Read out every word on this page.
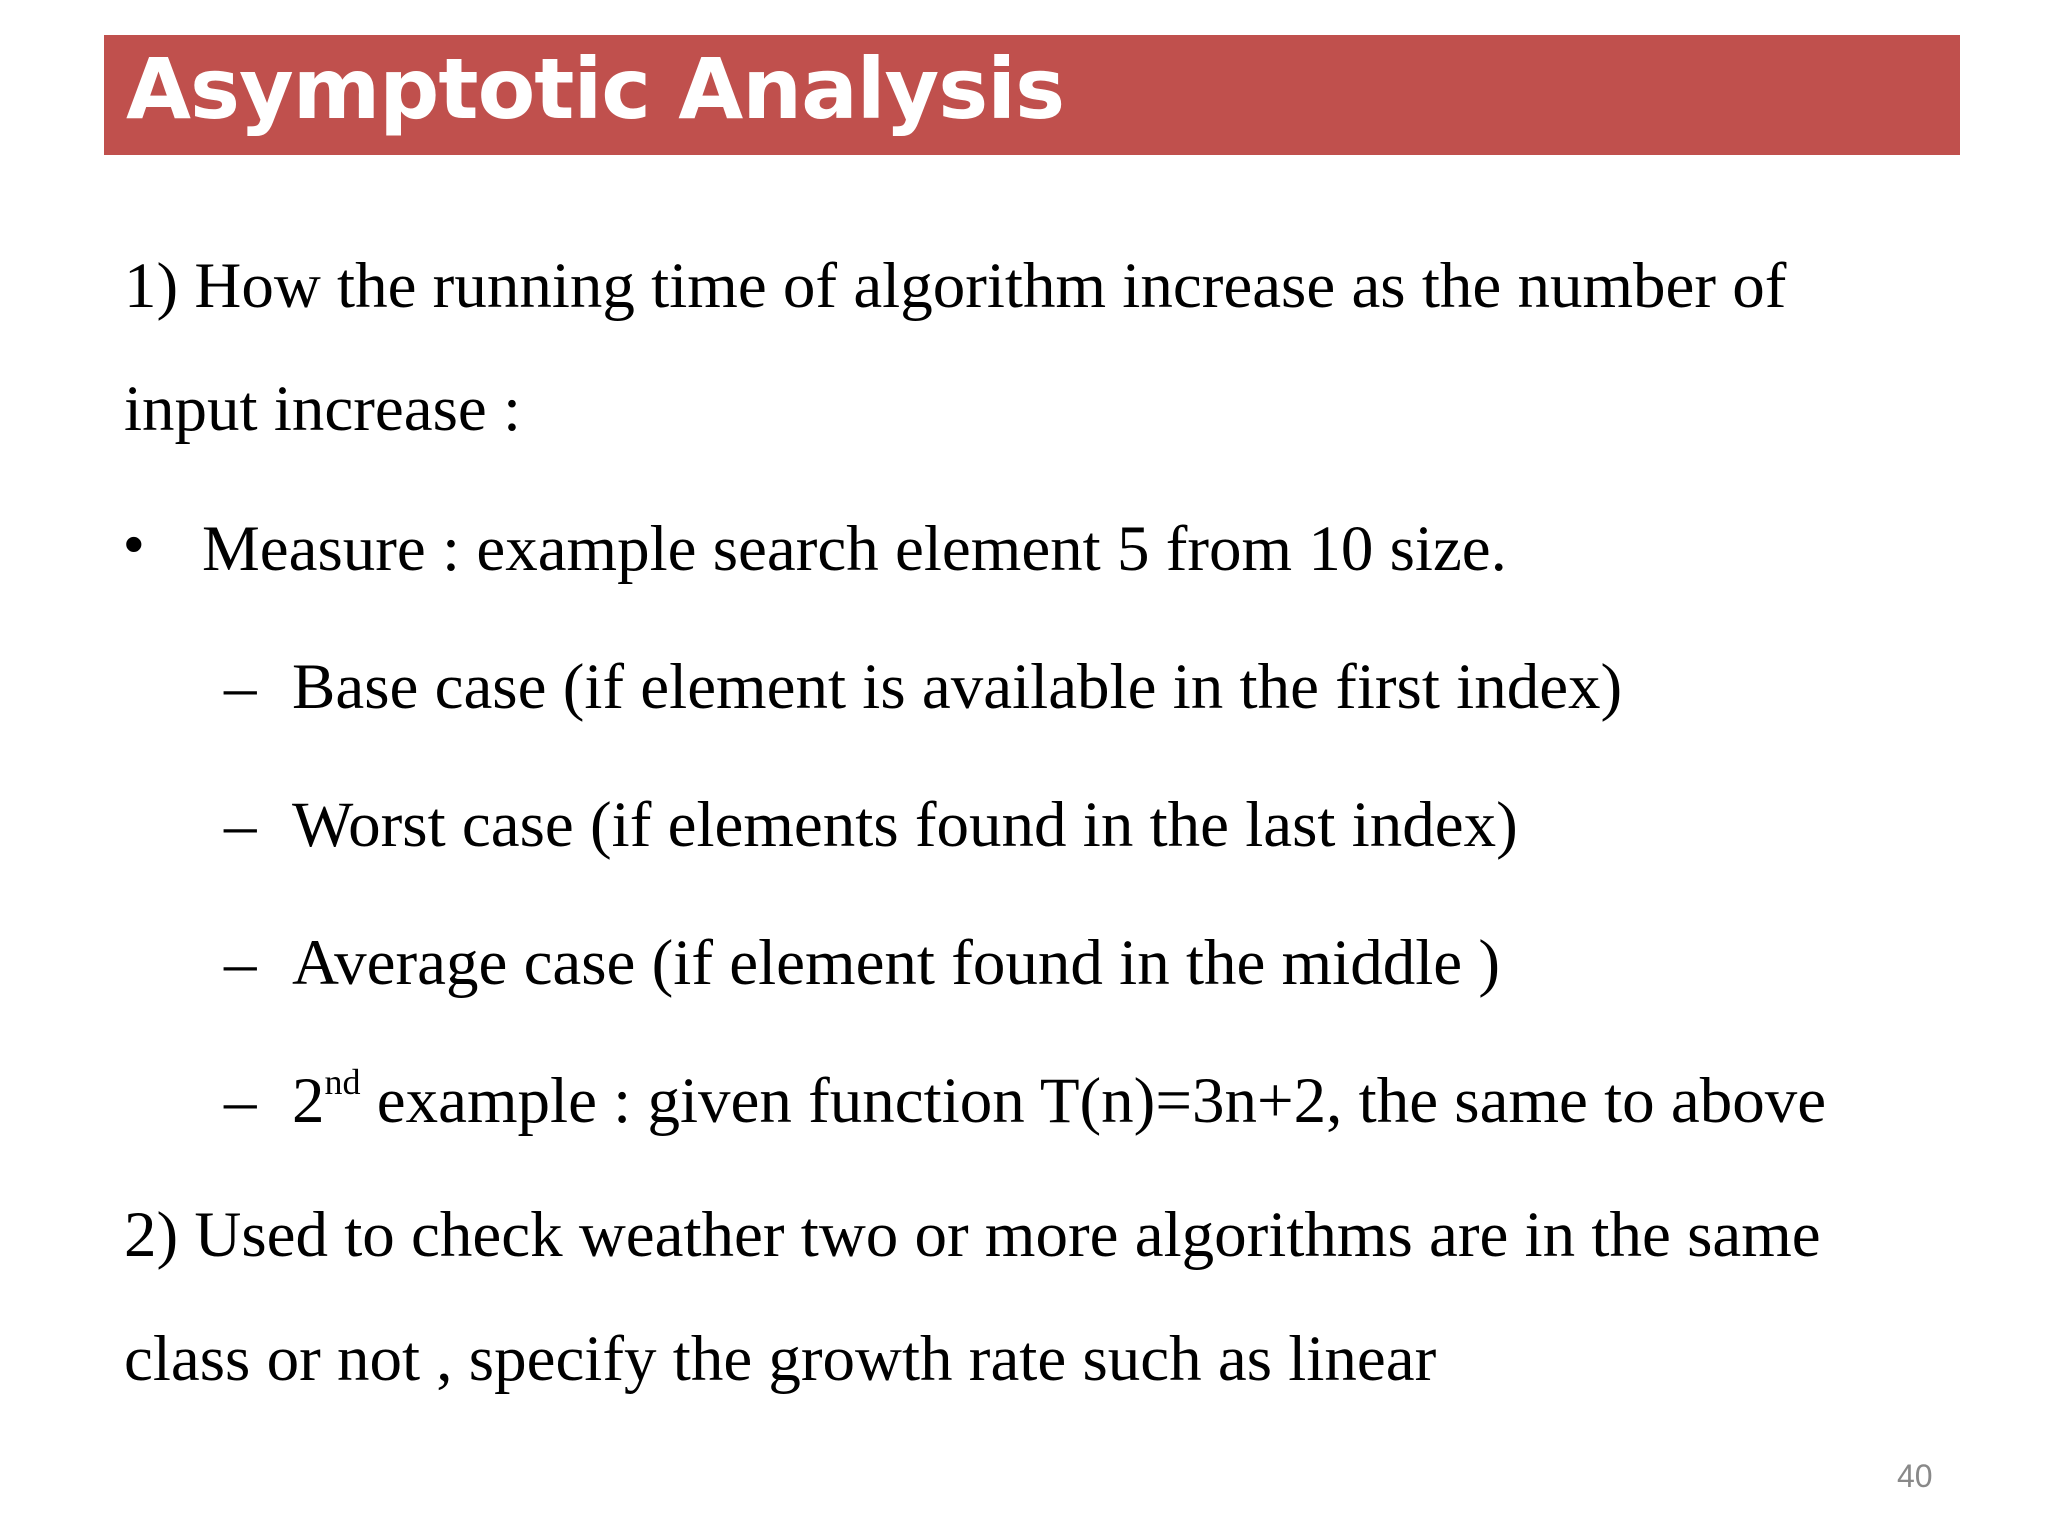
Asymptotic Analysis
1) How the running time of algorithm increase as the number of
input increase :
• Measure : example search element 5 from 10 size.
– Base case (if element is available in the first index)
– Worst case (if elements found in the last index)
– Average case (if element found in the middle )
– 2nd example : given function T(n)=3n+2, the same to above
2) Used to check weather two or more algorithms are in the same
class or not , specify the growth rate such as linear
40
